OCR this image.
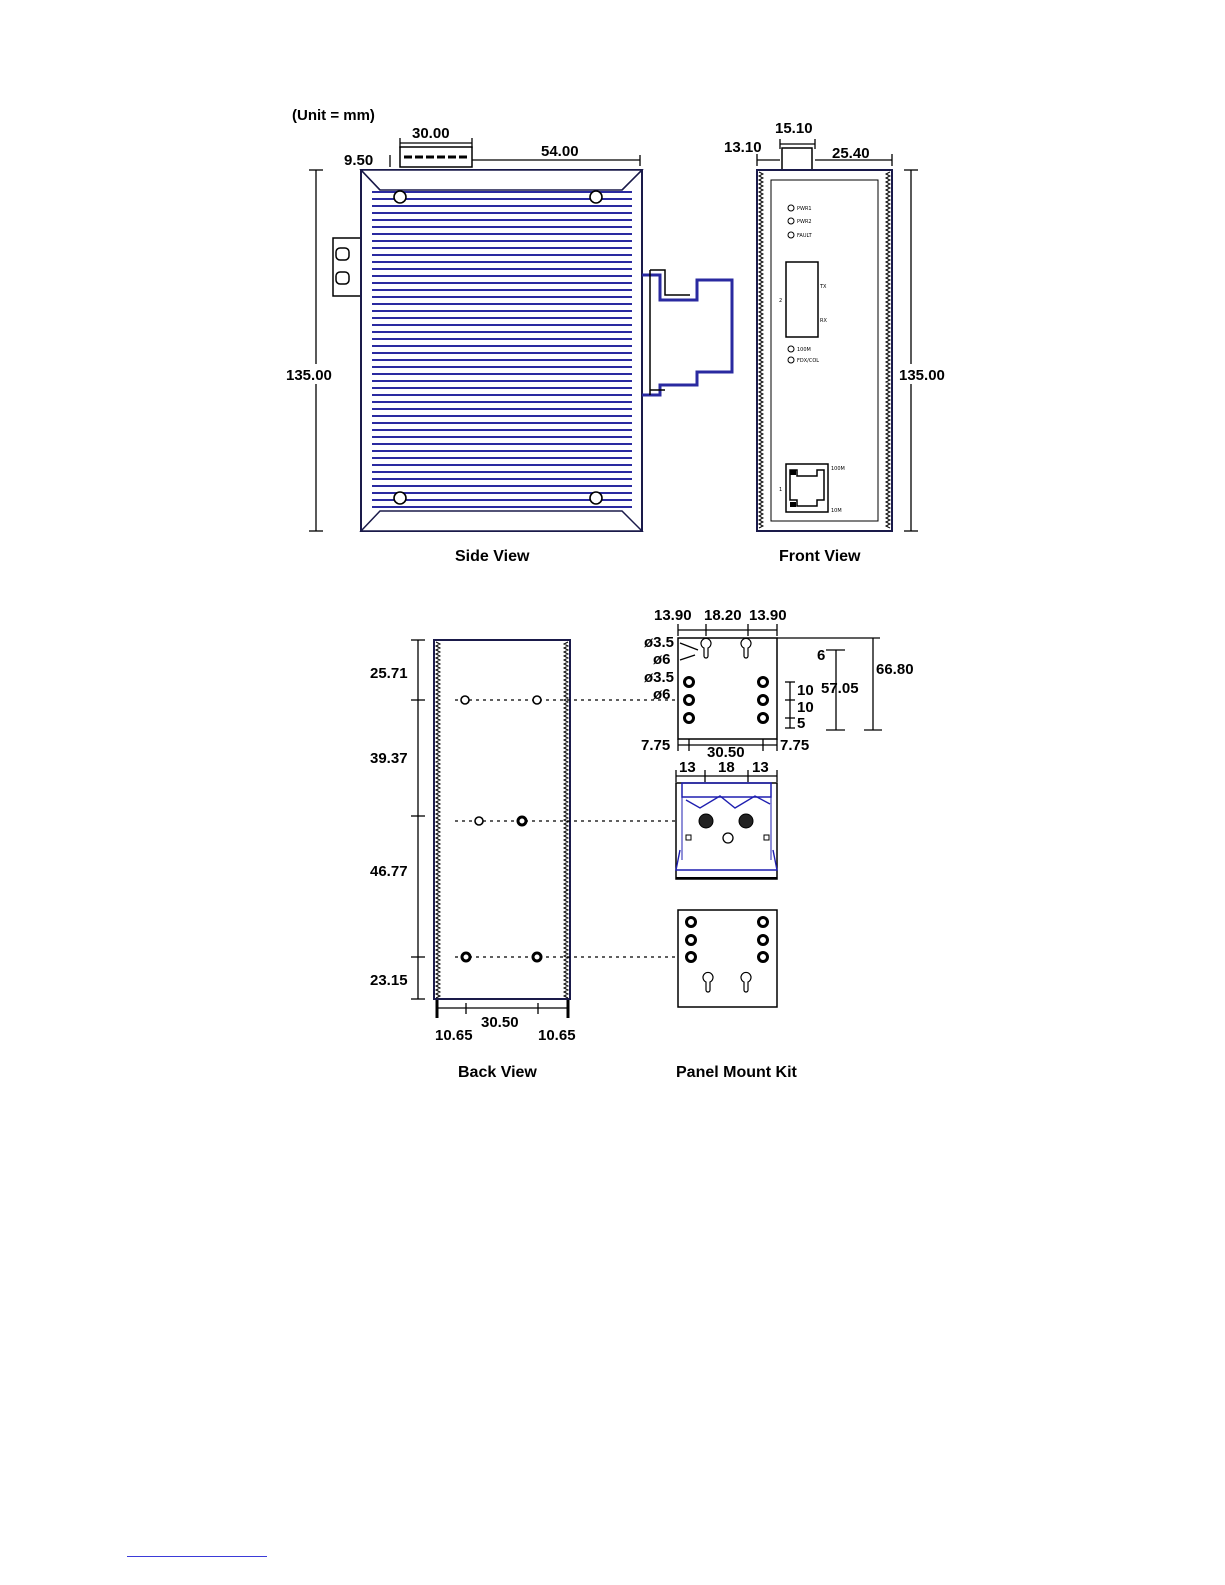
(Unit = mm)
30.00
54.00
9.50
135.00
Side View
13.10
15.10
25.40
PWR1
PWR2
FAULT
2
TX
RX
100M
FDX/COL
1
100M
10M
135.00
Front View
25.71
39.37
46.77
23.15
10.65
30.50
10.65
Back View
13.90 18.20 13.90
ø3.5
ø6
ø3.5
ø6
6
66.80
57.05
10
10
5
7.75 30.50 7.75
13 18 13
Panel Mount Kit
